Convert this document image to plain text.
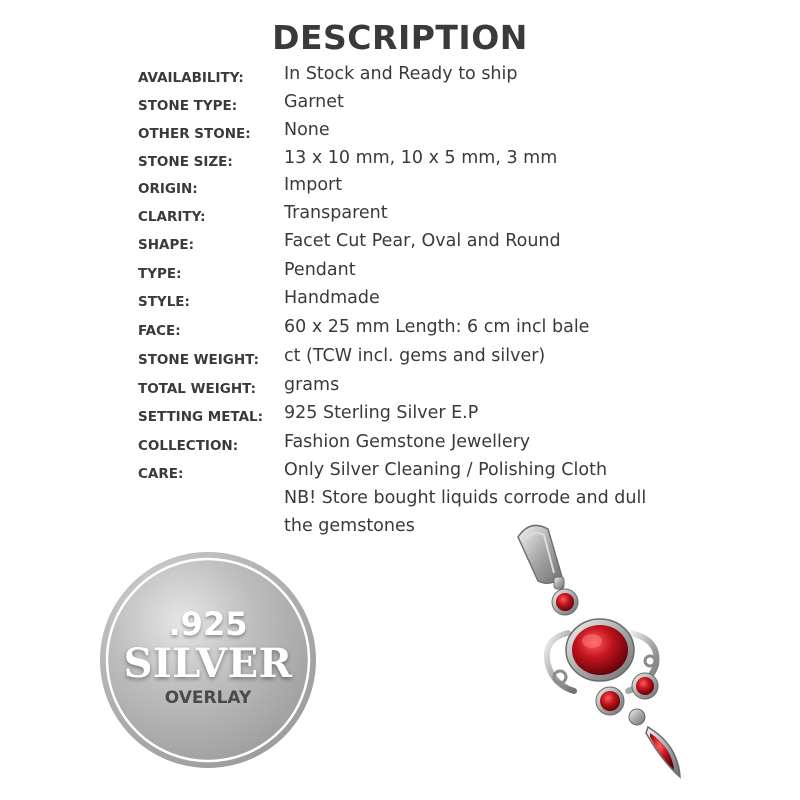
DESCRIPTION
AVAILABILITY: In Stock and Ready to ship
STONE TYPE:	Garnet
OTHER STONE: None
STONE SIZE:	13 x 10 mm, 10 x 5 mm, 3 mm
ORIGIN:	Import
CLARITY:	Transparent
SHAPE:	Facet Cut Pear, Oval and Round
TYPE:	Pendant
STYLE:	Handmade
FACE:	60 x 25 mm Length: 6 cm incl bale
STONE WEIGHT: ct (TCW incl. gems and silver)
TOTAL WEIGHT: grams
SETTING METAL: 925 Sterling Silver E.P
COLLECTION:	Fashion Gemstone Jewellery
CARE:	Only Silver Cleaning / Polishing Cloth
NB! Store bought liquids corrode and dull
the gemstones
.925
SILVER
OVERLAY
